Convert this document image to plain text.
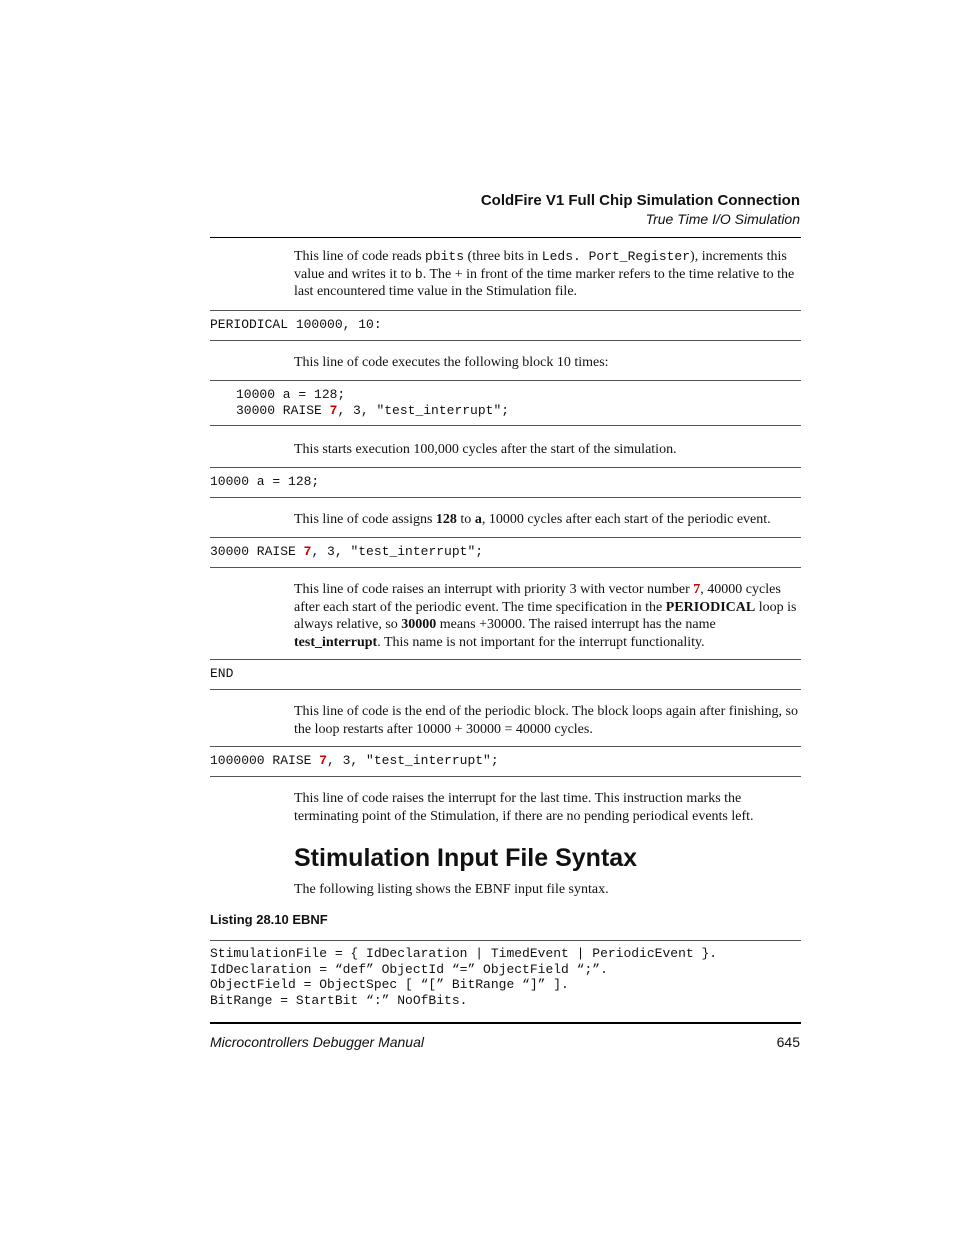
ColdFire V1 Full Chip Simulation Connection
True Time I/O Simulation
This line of code reads pbits (three bits in Leds. Port_Register), increments this value and writes it to b. The + in front of the time marker refers to the time relative to the last encountered time value in the Stimulation file.
PERIODICAL 100000, 10:
This line of code executes the following block 10 times:
10000 a = 128;
30000 RAISE 7, 3, "test_interrupt";
This starts execution 100,000 cycles after the start of the simulation.
10000 a = 128;
This line of code assigns 128 to a, 10000 cycles after each start of the periodic event.
30000 RAISE 7, 3, "test_interrupt";
This line of code raises an interrupt with priority 3 with vector number 7, 40000 cycles after each start of the periodic event. The time specification in the PERIODICAL loop is always relative, so 30000 means +30000. The raised interrupt has the name test_interrupt. This name is not important for the interrupt functionality.
END
This line of code is the end of the periodic block. The block loops again after finishing, so the loop restarts after 10000 + 30000 = 40000 cycles.
1000000 RAISE 7, 3, "test_interrupt";
This line of code raises the interrupt for the last time. This instruction marks the terminating point of the Stimulation, if there are no pending periodical events left.
Stimulation Input File Syntax
The following listing shows the EBNF input file syntax.
Listing 28.10 EBNF
StimulationFile = { IdDeclaration | TimedEvent | PeriodicEvent }.
IdDeclaration = “def” ObjectId “=” ObjectField “;”.
ObjectField = ObjectSpec [ “[” BitRange “]” ].
BitRange = StartBit “:” NoOfBits.
Microcontrollers Debugger Manual	645
